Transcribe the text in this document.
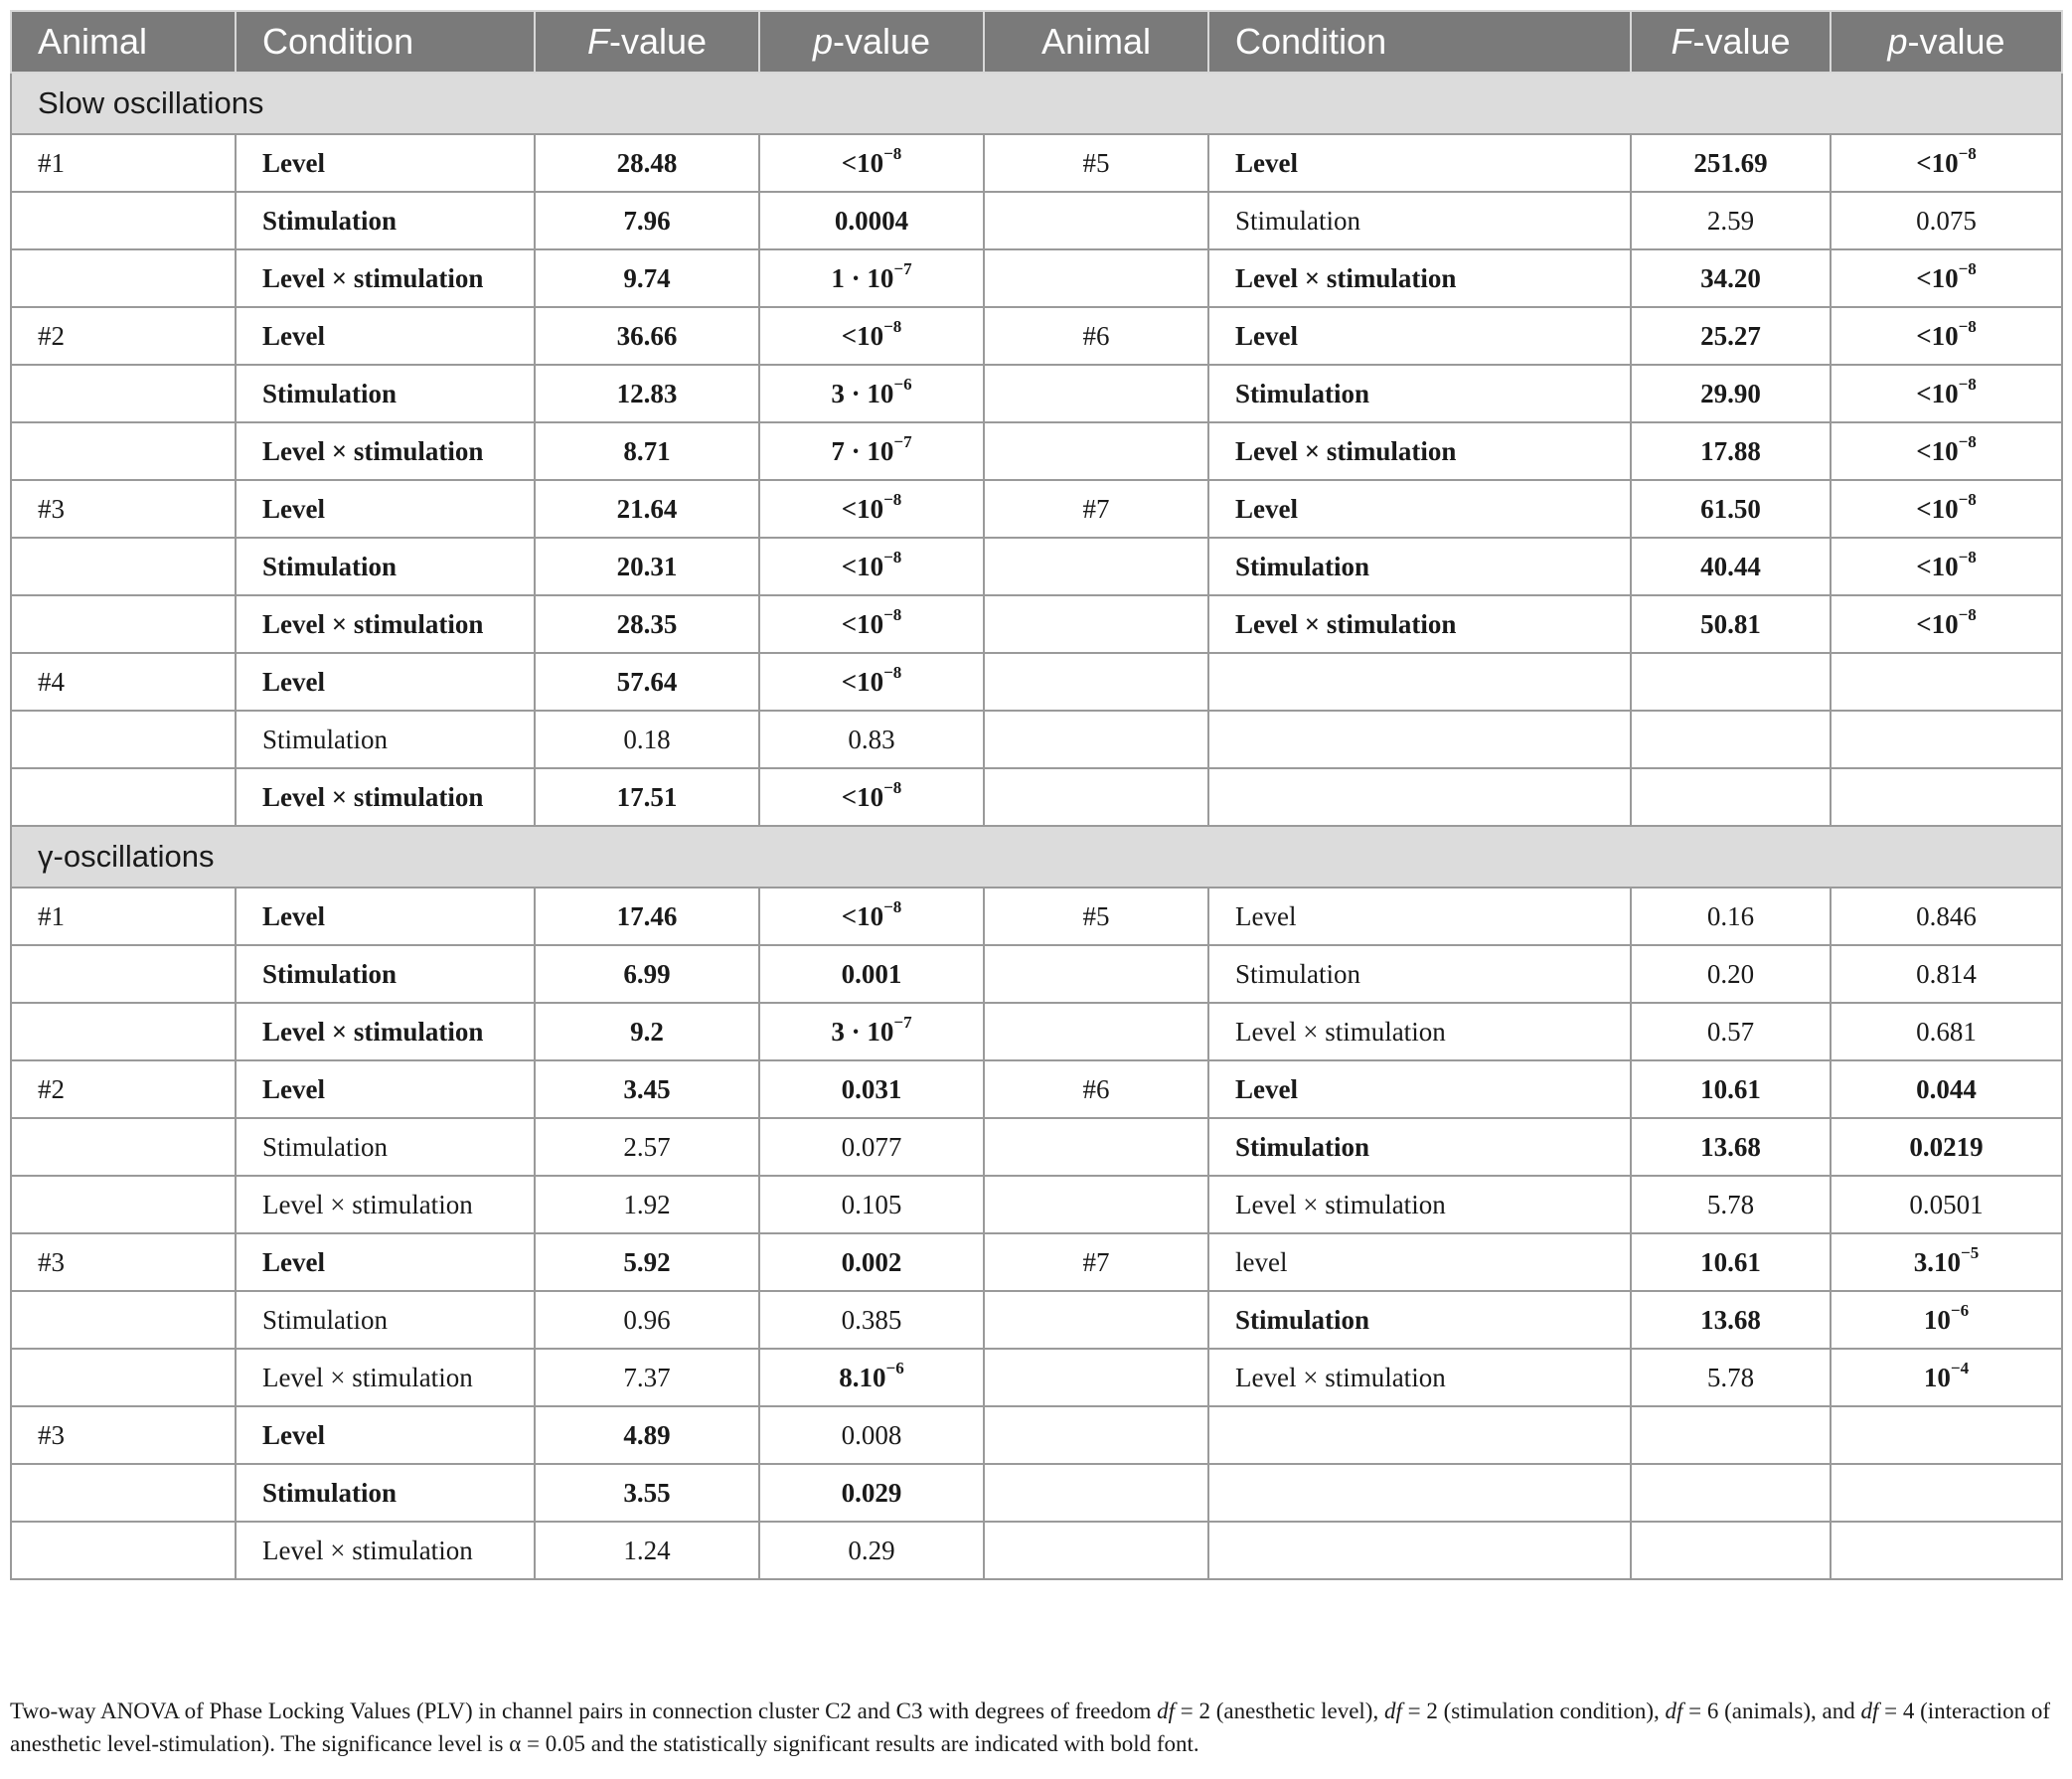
Animal	Condition	F-value	p-value	Animal	Condition	F-value	p-value
Slow oscillations							
#1	Level	28.48	$<10^{-8}$	#5	Level	251.69	$<10^{-8}$
	Stimulation	7.96	0.0004		Stimulation	2.59	0.075
	Level × stimulation	9.74	$1 \cdot 10^{-7}$		Level × stimulation	34.20	$<10^{-8}$
#2	Level	36.66	$<10^{-8}$	#6	Level	25.27	$<10^{-8}$
	Stimulation	12.83	$3 \cdot 10^{-6}$		Stimulation	29.90	$<10^{-8}$
	Level × stimulation	8.71	$7 \cdot 10^{-7}$		Level × stimulation	17.88	$<10^{-8}$
#3	Level	21.64	$<10^{-8}$	#7	Level	61.50	$<10^{-8}$
	Stimulation	20.31	$<10^{-8}$		Stimulation	40.44	$<10^{-8}$
	Level × stimulation	28.35	$<10^{-8}$		Level × stimulation	50.81	$<10^{-8}$
#4	Level	57.64	$<10^{-8}$				
	Stimulation	0.18	0.83				
	Level × stimulation	17.51	$<10^{-8}$				
γ-oscillations							
#1	Level	17.46	$<10^{-8}$	#5	Level	0.16	0.846
	Stimulation	6.99	0.001		Stimulation	0.20	0.814
	Level × stimulation	9.2	$3 \cdot 10^{-7}$		Level × stimulation	0.57	0.681
#2	Level	3.45	0.031	#6	Level	10.61	0.044
	Stimulation	2.57	0.077		Stimulation	13.68	0.0219
	Level × stimulation	1.92	0.105		Level × stimulation	5.78	0.0501
#3	Level	5.92	0.002	#7	level	10.61	$3.10^{-5}$
	Stimulation	0.96	0.385		Stimulation	13.68	$10^{-6}$
	Level × stimulation	7.37	$8.10^{-6}$		Level × stimulation	5.78	$10^{-4}$
#3	Level	4.89	0.008				
	Stimulation	3.55	0.029				
	Level × stimulation	1.24	0.29				
Two-way ANOVA of Phase Locking Values (PLV) in channel pairs in connection cluster C2 and C3 with degrees of freedom df = 2 (anesthetic level), df = 2 (stimulation condition), df = 6 (animals), and df = 4 (interaction of anesthetic level-stimulation). The significance level is α = 0.05 and the statistically significant results are indicated with bold font.
